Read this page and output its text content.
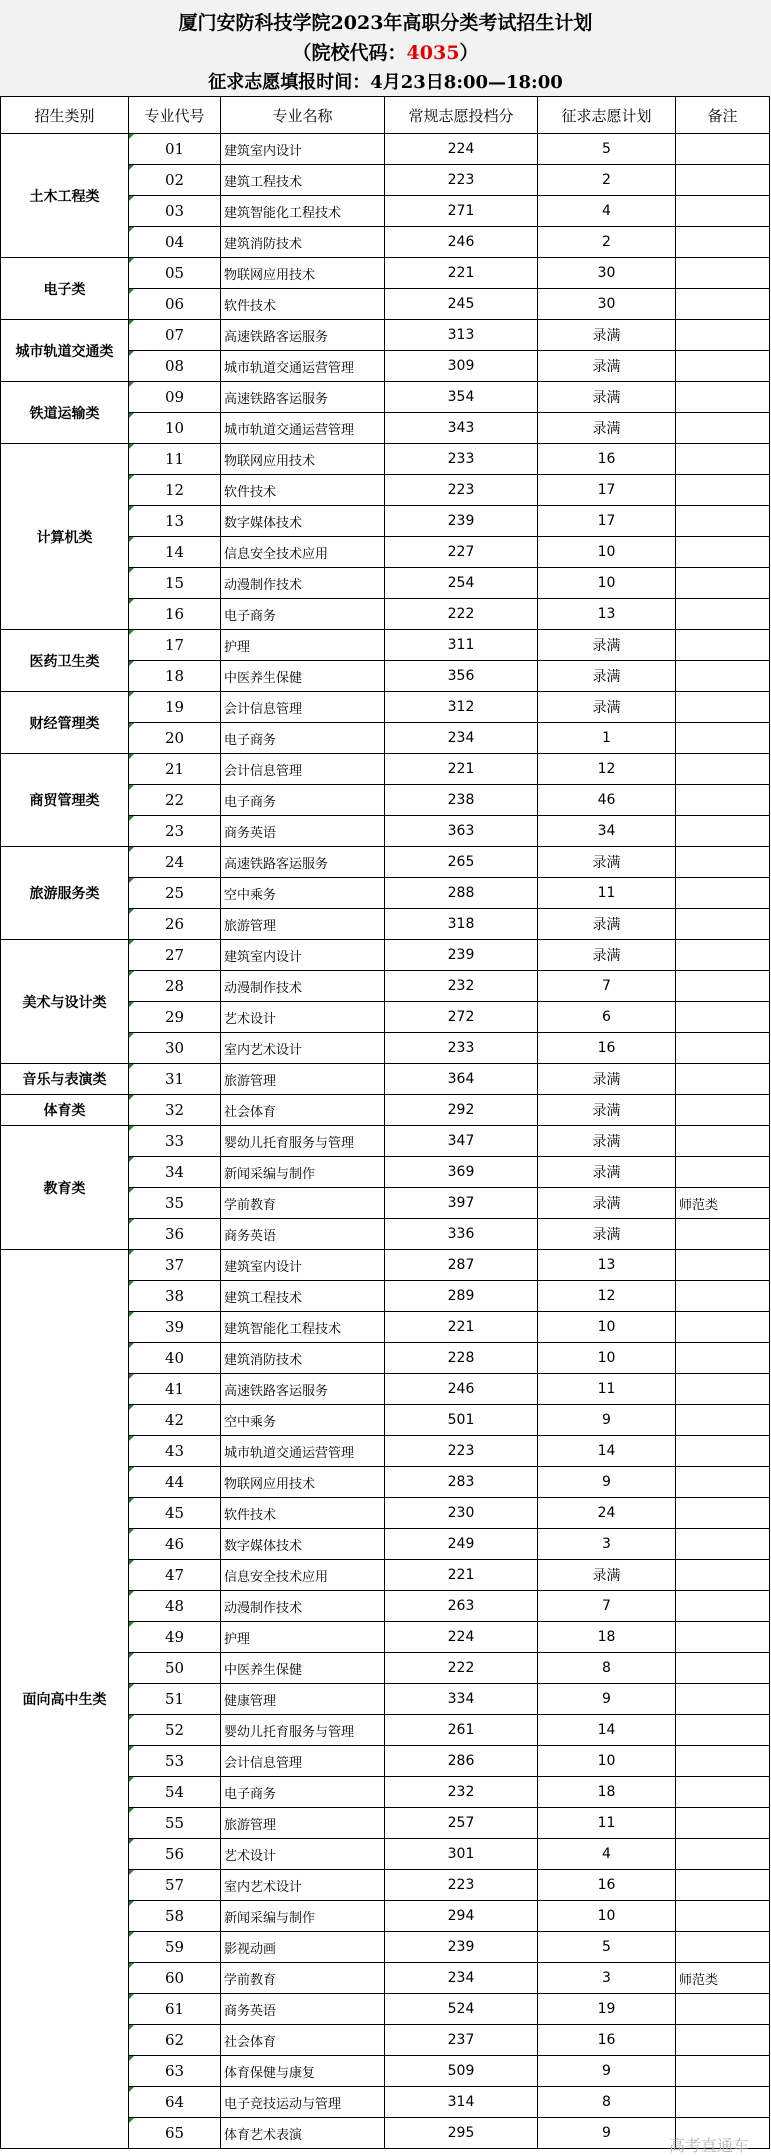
厦门安防科技学院2023年高职分类考试招生计划
（院校代码：4035）
征求志愿填报时间：4月23日8:00—18:00
招生类别	专业代号	专业名称	常规志愿投档分	征求志愿计划	备注
土木工程类	01	建筑室内设计	224	5	
	02	建筑工程技术	223	2	
	03	建筑智能化工程技术	271	4	
	04	建筑消防技术	246	2	
电子类	05	物联网应用技术	221	30	
	06	软件技术	245	30	
城市轨道交通类	07	高速铁路客运服务	313	录满	
	08	城市轨道交通运营管理	309	录满	
铁道运输类	09	高速铁路客运服务	354	录满	
	10	城市轨道交通运营管理	343	录满	
计算机类	11	物联网应用技术	233	16	
	12	软件技术	223	17	
	13	数字媒体技术	239	17	
	14	信息安全技术应用	227	10	
	15	动漫制作技术	254	10	
	16	电子商务	222	13	
医药卫生类	17	护理	311	录满	
	18	中医养生保健	356	录满	
财经管理类	19	会计信息管理	312	录满	
	20	电子商务	234	1	
商贸管理类	21	会计信息管理	221	12	
	22	电子商务	238	46	
	23	商务英语	363	34	
旅游服务类	24	高速铁路客运服务	265	录满	
	25	空中乘务	288	11	
	26	旅游管理	318	录满	
美术与设计类	27	建筑室内设计	239	录满	
	28	动漫制作技术	232	7	
	29	艺术设计	272	6	
	30	室内艺术设计	233	16	
音乐与表演类	31	旅游管理	364	录满	
体育类	32	社会体育	292	录满	
教育类	33	婴幼儿托育服务与管理	347	录满	
	34	新闻采编与制作	369	录满	
	35	学前教育	397	录满	师范类
	36	商务英语	336	录满	
面向高中生类	37	建筑室内设计	287	13	
	38	建筑工程技术	289	12	
	39	建筑智能化工程技术	221	10	
	40	建筑消防技术	228	10	
	41	高速铁路客运服务	246	11	
	42	空中乘务	501	9	
	43	城市轨道交通运营管理	223	14	
	44	物联网应用技术	283	9	
	45	软件技术	230	24	
	46	数字媒体技术	249	3	
	47	信息安全技术应用	221	录满	
	48	动漫制作技术	263	7	
	49	护理	224	18	
	50	中医养生保健	222	8	
	51	健康管理	334	9	
	52	婴幼儿托育服务与管理	261	14	
	53	会计信息管理	286	10	
	54	电子商务	232	18	
	55	旅游管理	257	11	
	56	艺术设计	301	4	
	57	室内艺术设计	223	16	
	58	新闻采编与制作	294	10	
	59	影视动画	239	5	
	60	学前教育	234	3	师范类
	61	商务英语	524	19	
	62	社会体育	237	16	
	63	体育保健与康复	509	9	
	64	电子竞技运动与管理	314	8	
	65	体育艺术表演	295	9	
高考直通车
